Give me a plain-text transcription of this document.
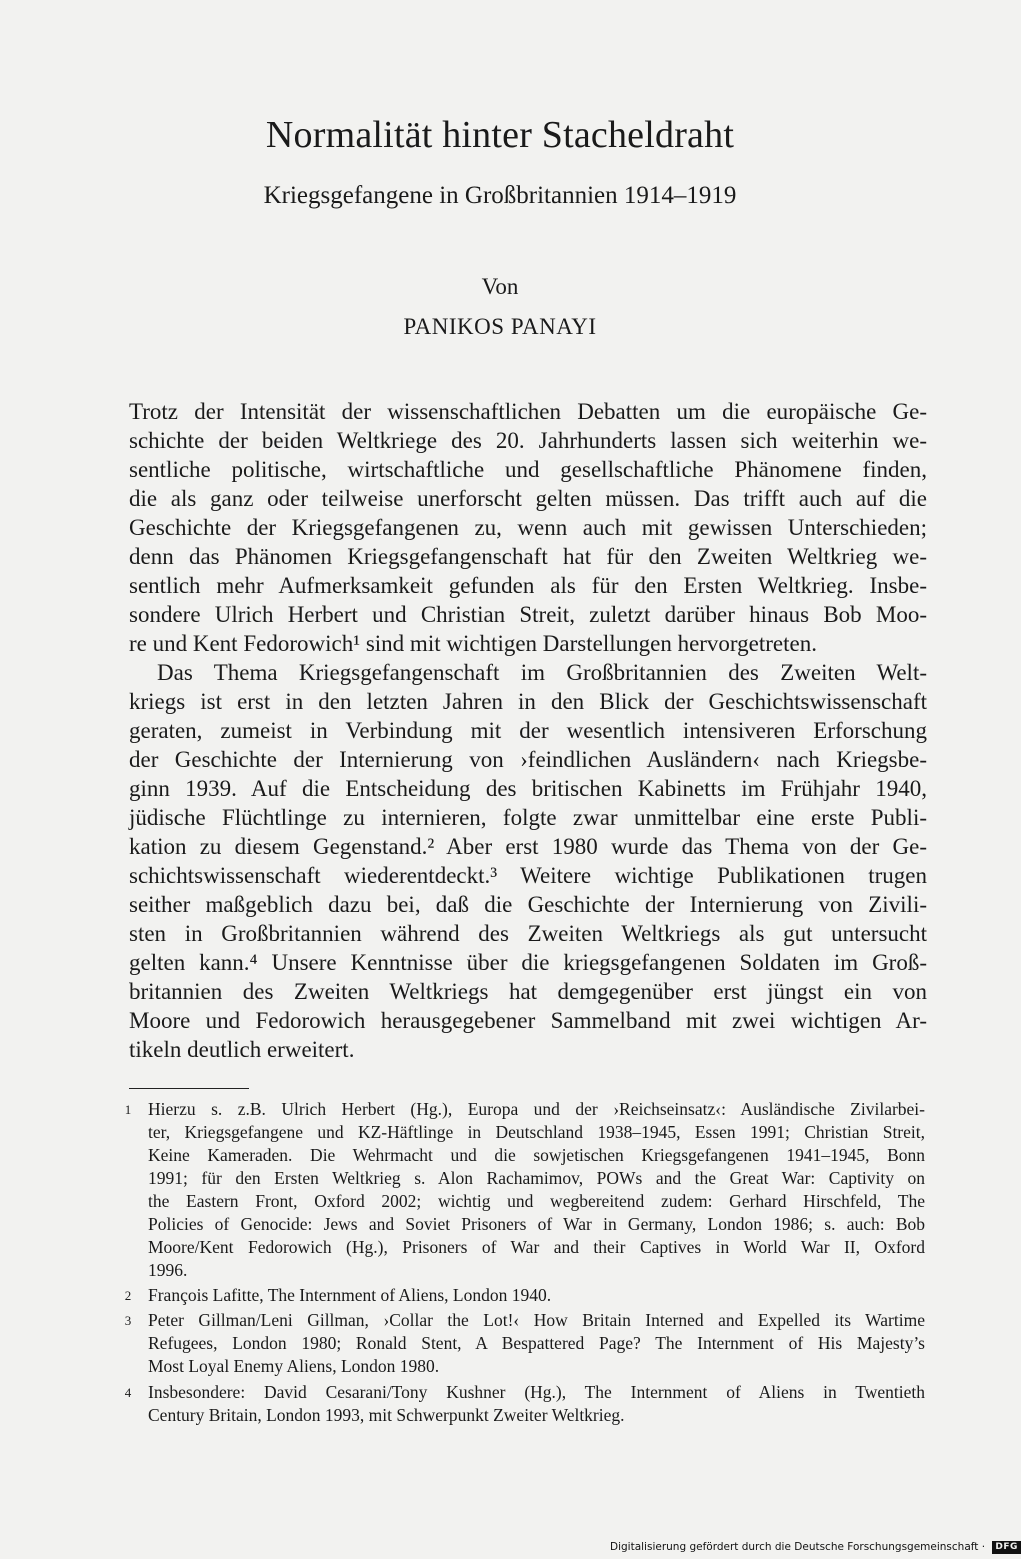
Normalität hinter Stacheldraht
Kriegsgefangene in Großbritannien 1914–1919
Von
PANIKOS PANAYI
Trotz der Intensität der wissenschaftlichen Debatten um die europäische Ge-
schichte der beiden Weltkriege des 20. Jahrhunderts lassen sich weiterhin we-
sentliche politische, wirtschaftliche und gesellschaftliche Phänomene finden,
die als ganz oder teilweise unerforscht gelten müssen. Das trifft auch auf die
Geschichte der Kriegsgefangenen zu, wenn auch mit gewissen Unterschieden;
denn das Phänomen Kriegsgefangenschaft hat für den Zweiten Weltkrieg we-
sentlich mehr Aufmerksamkeit gefunden als für den Ersten Weltkrieg. Insbe-
sondere Ulrich Herbert und Christian Streit, zuletzt darüber hinaus Bob Moo-
re und Kent Fedorowich¹ sind mit wichtigen Darstellungen hervorgetreten.
Das Thema Kriegsgefangenschaft im Großbritannien des Zweiten Welt-
kriegs ist erst in den letzten Jahren in den Blick der Geschichtswissenschaft
geraten, zumeist in Verbindung mit der wesentlich intensiveren Erforschung
der Geschichte der Internierung von ›feindlichen Ausländern‹ nach Kriegsbe-
ginn 1939. Auf die Entscheidung des britischen Kabinetts im Frühjahr 1940,
jüdische Flüchtlinge zu internieren, folgte zwar unmittelbar eine erste Publi-
kation zu diesem Gegenstand.² Aber erst 1980 wurde das Thema von der Ge-
schichtswissenschaft wiederentdeckt.³ Weitere wichtige Publikationen trugen
seither maßgeblich dazu bei, daß die Geschichte der Internierung von Zivili-
sten in Großbritannien während des Zweiten Weltkriegs als gut untersucht
gelten kann.⁴ Unsere Kenntnisse über die kriegsgefangenen Soldaten im Groß-
britannien des Zweiten Weltkriegs hat demgegenüber erst jüngst ein von
Moore und Fedorowich herausgegebener Sammelband mit zwei wichtigen Ar-
tikeln deutlich erweitert.
1 Hierzu s. z.B. Ulrich Herbert (Hg.), Europa und der ›Reichseinsatz‹: Ausländische Zivilarbei-
ter, Kriegsgefangene und KZ-Häftlinge in Deutschland 1938–1945, Essen 1991; Christian Streit,
Keine Kameraden. Die Wehrmacht und die sowjetischen Kriegsgefangenen 1941–1945, Bonn
1991; für den Ersten Weltkrieg s. Alon Rachamimov, POWs and the Great War: Captivity on
the Eastern Front, Oxford 2002; wichtig und wegbereitend zudem: Gerhard Hirschfeld, The
Policies of Genocide: Jews and Soviet Prisoners of War in Germany, London 1986; s. auch: Bob
Moore/Kent Fedorowich (Hg.), Prisoners of War and their Captives in World War II, Oxford
1996.
2 François Lafitte, The Internment of Aliens, London 1940.
3 Peter Gillman/Leni Gillman, ›Collar the Lot!‹ How Britain Interned and Expelled its Wartime
Refugees, London 1980; Ronald Stent, A Bespattered Page? The Internment of His Majesty’s
Most Loyal Enemy Aliens, London 1980.
4 Insbesondere: David Cesarani/Tony Kushner (Hg.), The Internment of Aliens in Twentieth
Century Britain, London 1993, mit Schwerpunkt Zweiter Weltkrieg.
Digitalisierung gefördert durch die Deutsche Forschungsgemeinschaft · DFG
